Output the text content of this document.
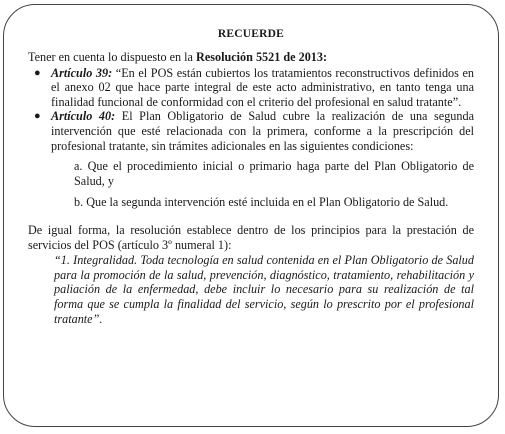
RECUERDE

Tener en cuenta lo dispuesto en la Resolución 5521 de 2013:

● Artículo 39: “En el POS están cubiertos los tratamientos reconstructivos definidos en el anexo 02 que hace parte integral de este acto administrativo, en tanto tenga una finalidad funcional de conformidad con el criterio del profesional en salud tratante”.
● Artículo 40: El Plan Obligatorio de Salud cubre la realización de una segunda intervención que esté relacionada con la primera, conforme a la prescripción del profesional tratante, sin trámites adicionales en las siguientes condiciones:

a. Que el procedimiento inicial o primario haga parte del Plan Obligatorio de Salud, y

b. Que la segunda intervención esté incluida en el Plan Obligatorio de Salud.

De igual forma, la resolución establece dentro de los principios para la prestación de servicios del POS (artículo 3º numeral 1):

“1. Integralidad. Toda tecnología en salud contenida en el Plan Obligatorio de Salud para la promoción de la salud, prevención, diagnóstico, tratamiento, rehabilitación y paliación de la enfermedad, debe incluir lo necesario para su realización de tal forma que se cumpla la finalidad del servicio, según lo prescrito por el profesional tratante”.
